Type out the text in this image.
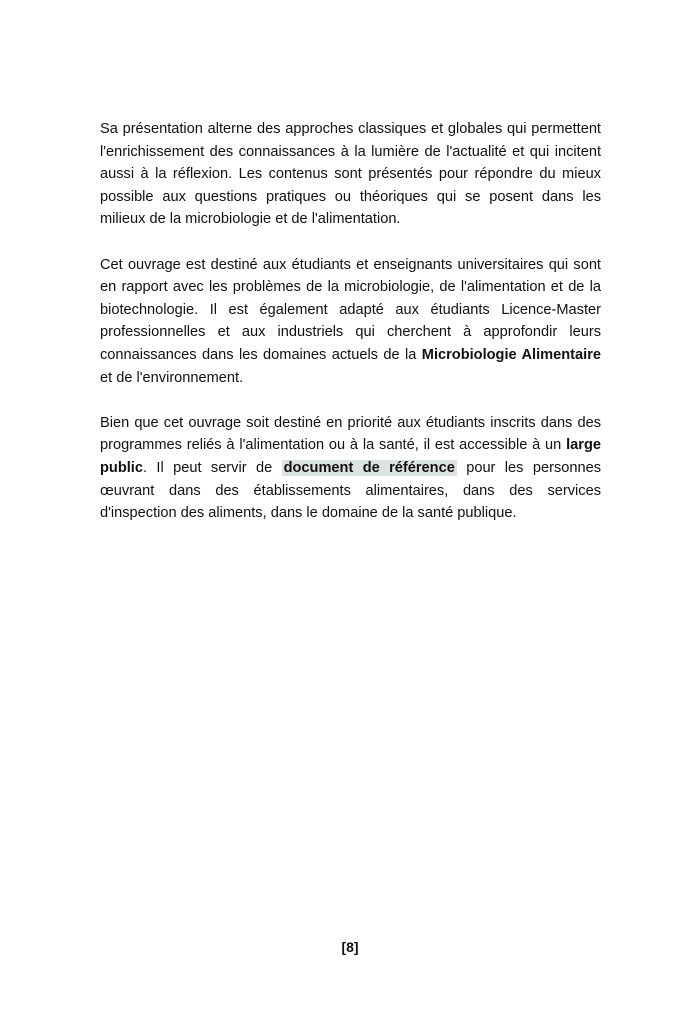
Sa présentation alterne des approches classiques et globales qui permettent l'enrichissement des connaissances à la lumière de l'actualité et qui incitent aussi à la réflexion. Les contenus sont présentés pour répondre du mieux possible aux questions pratiques ou théoriques qui se posent dans les milieux de la microbiologie et de l'alimentation.

Cet ouvrage est destiné aux étudiants et enseignants universitaires qui sont en rapport avec les problèmes de la microbiologie, de l'alimentation et de la biotechnologie. Il est également adapté aux étudiants Licence-Master professionnelles et aux industriels qui cherchent à approfondir leurs connaissances dans les domaines actuels de la Microbiologie Alimentaire et de l'environnement.

Bien que cet ouvrage soit destiné en priorité aux étudiants inscrits dans des programmes reliés à l'alimentation ou à la santé, il est accessible à un large public. Il peut servir de document de référence pour les personnes œuvrant dans des établissements alimentaires, dans des services d'inspection des aliments, dans le domaine de la santé publique.

[8]
